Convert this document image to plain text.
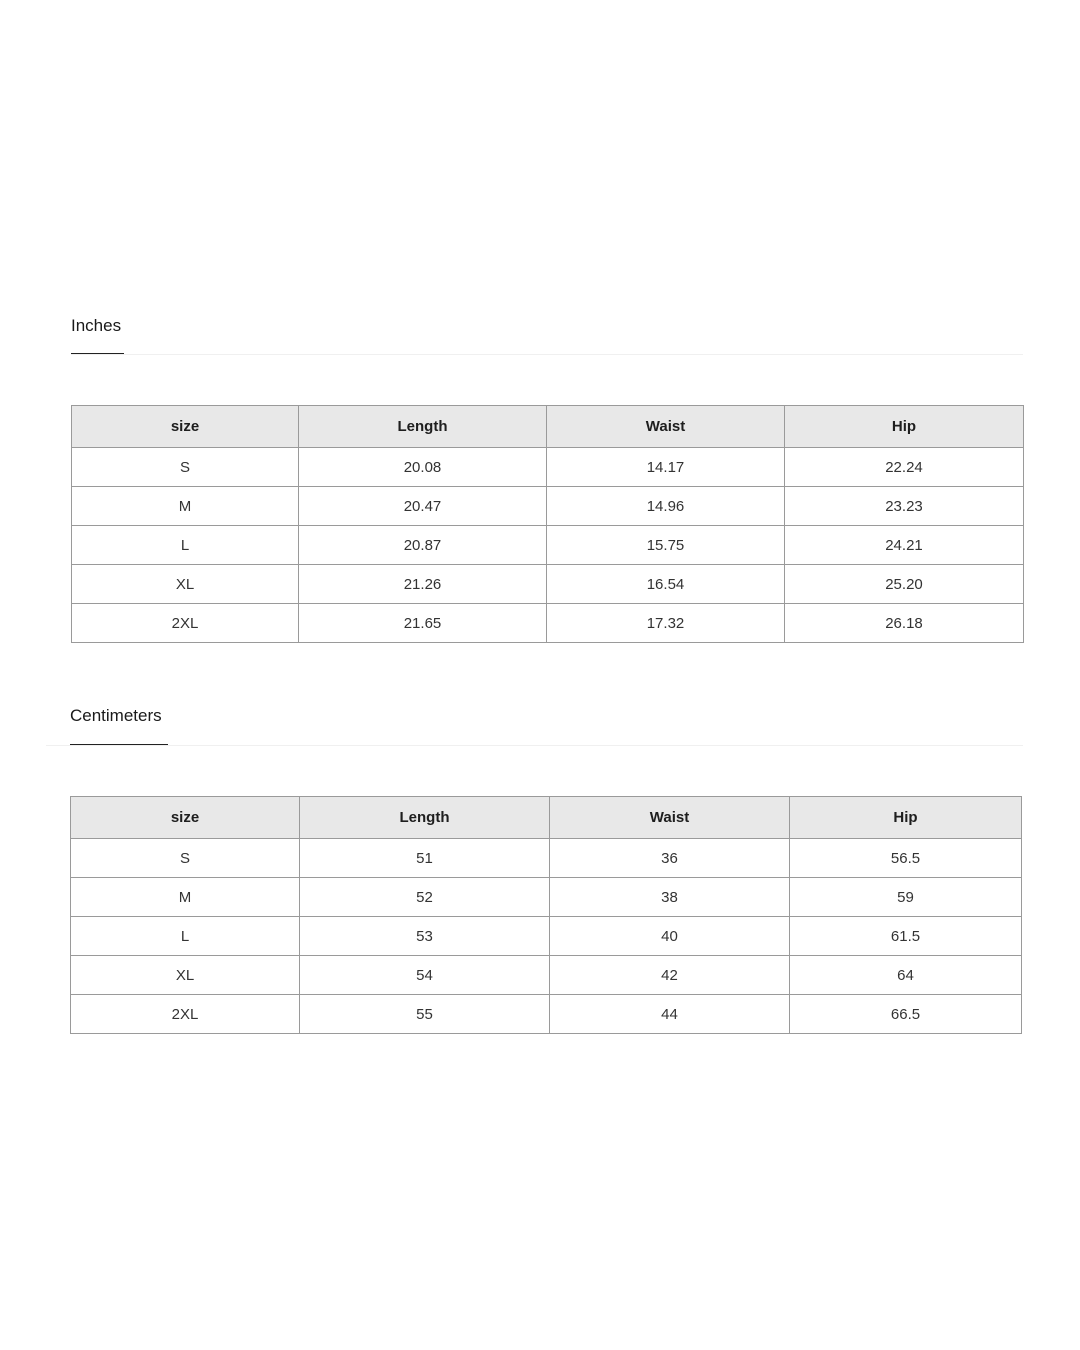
Inches
size	Length	Waist	Hip
S	20.08	14.17	22.24
M	20.47	14.96	23.23
L	20.87	15.75	24.21
XL	21.26	16.54	25.20
2XL	21.65	17.32	26.18
Centimeters
size	Length	Waist	Hip
S	51	36	56.5
M	52	38	59
L	53	40	61.5
XL	54	42	64
2XL	55	44	66.5
